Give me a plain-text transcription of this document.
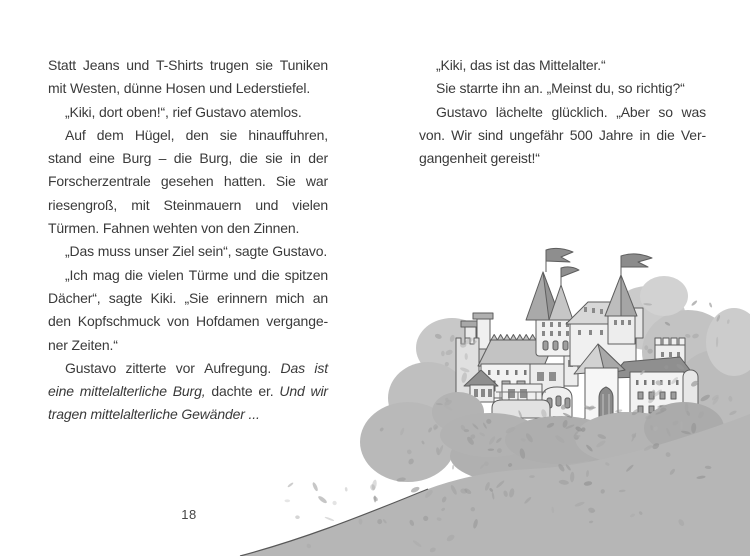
Statt Jeans und T-Shirts trugen sie Tuniken
mit Westen, dünne Hosen und Lederstiefel.
„Kiki, dort oben!“, rief Gustavo atemlos.
Auf dem Hügel, den sie hinauffuhren,
stand eine Burg – die Burg, die sie in der
Forscherzentrale gesehen hatten. Sie war
riesengroß, mit Steinmauern und vielen
Türmen. Fahnen wehten von den Zinnen.
„Das muss unser Ziel sein“, sagte Gustavo.
„Ich mag die vielen Türme und die spitzen
Dächer“, sagte Kiki. „Sie erinnern mich an
den Kopfschmuck von Hofdamen vergange-
ner Zeiten.“
Gustavo zitterte vor Aufregung. Das ist
eine mittelalterliche Burg, dachte er. Und wir
tragen mittelalterliche Gewänder ...
„Kiki, das ist das Mittelalter.“
Sie starrte ihn an. „Meinst du, so richtig?“
Gustavo lächelte glücklich. „Aber so was
von. Wir sind ungefähr 500 Jahre in die Ver-
gangenheit gereist!“
18
